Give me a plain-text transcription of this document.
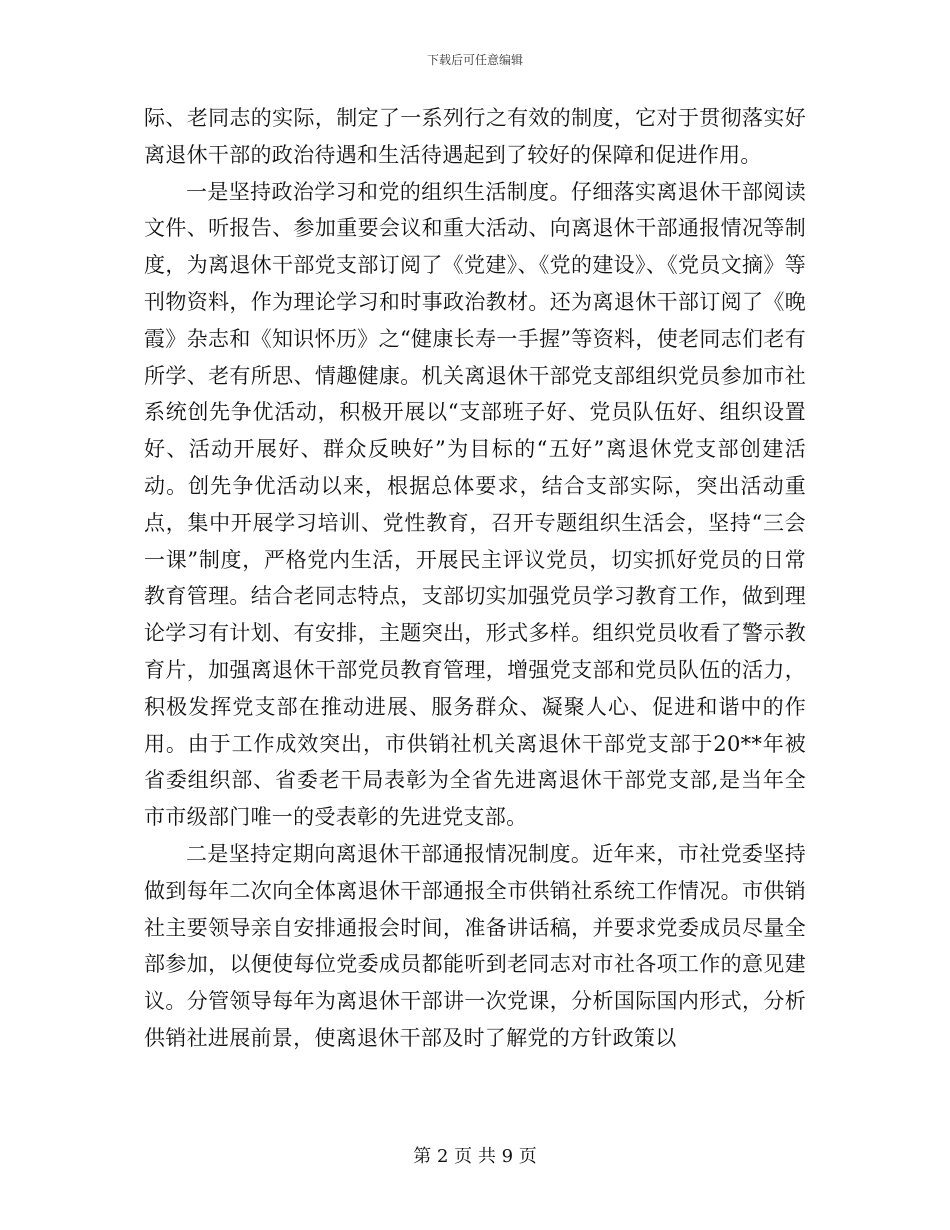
下载后可任意编辑

际、老同志的实际，制定了一系列行之有效的制度，它对于贯彻落实好离退休干部的政治待遇和生活待遇起到了较好的保障和促进作用。

一是坚持政治学习和党的组织生活制度。仔细落实离退休干部阅读文件、听报告、参加重要会议和重大活动、向离退休干部通报情况等制度，为离退休干部党支部订阅了《党建》、《党的建设》、《党员文摘》等刊物资料，作为理论学习和时事政治教材。还为离退休干部订阅了《晚霞》杂志和《知识怀历》之“健康长寿一手握”等资料，使老同志们老有所学、老有所思、情趣健康。机关离退休干部党支部组织党员参加市社系统创先争优活动，积极开展以“支部班子好、党员队伍好、组织设置好、活动开展好、群众反映好”为目标的“五好”离退休党支部创建活动。创先争优活动以来，根据总体要求，结合支部实际，突出活动重点，集中开展学习培训、党性教育，召开专题组织生活会，坚持“三会一课”制度，严格党内生活，开展民主评议党员，切实抓好党员的日常教育管理。结合老同志特点，支部切实加强党员学习教育工作，做到理论学习有计划、有安排，主题突出，形式多样。组织党员收看了警示教育片，加强离退休干部党员教育管理，增强党支部和党员队伍的活力，积极发挥党支部在推动进展、服务群众、凝聚人心、促进和谐中的作用。由于工作成效突出，市供销社机关离退休干部党支部于20**年被省委组织部、省委老干局表彰为全省先进离退休干部党支部,是当年全市市级部门唯一的受表彰的先进党支部。

二是坚持定期向离退休干部通报情况制度。近年来，市社党委坚持做到每年二次向全体离退休干部通报全市供销社系统工作情况。市供销社主要领导亲自安排通报会时间，准备讲话稿，并要求党委成员尽量全部参加，以便使每位党委成员都能听到老同志对市社各项工作的意见建议。分管领导每年为离退休干部讲一次党课，分析国际国内形式，分析供销社进展前景，使离退休干部及时了解党的方针政策以

第 2 页 共 9 页
